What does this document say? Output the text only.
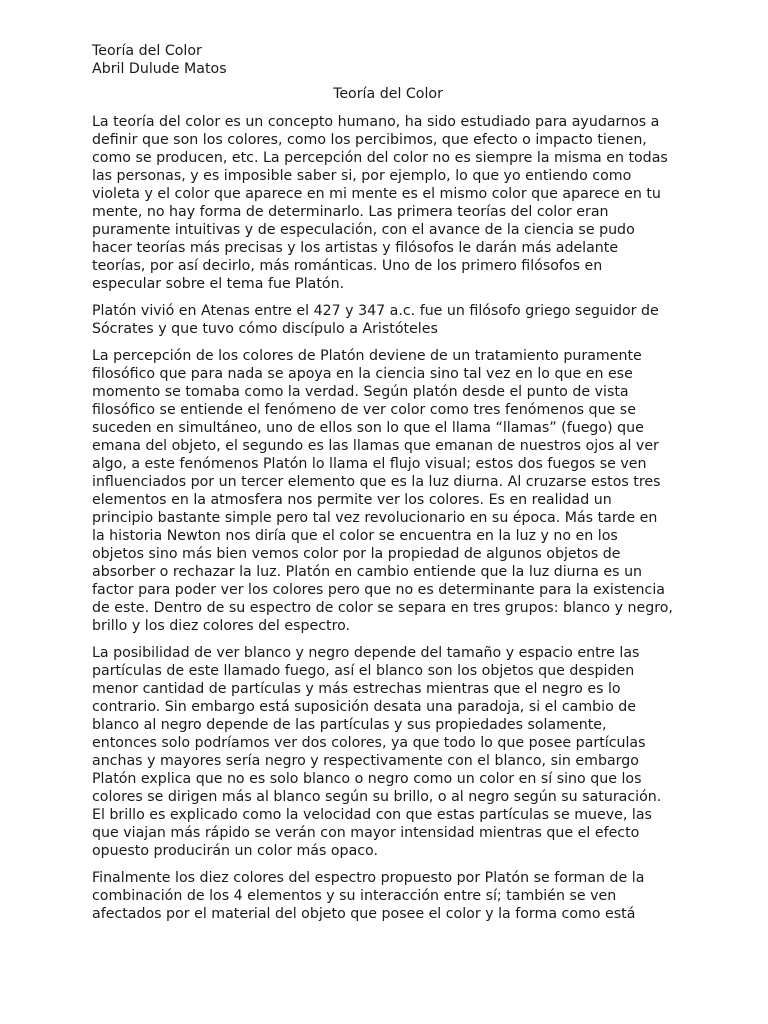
Teoría del Color
Abril Dulude Matos
Teoría del Color
La teoría del color es un concepto humano, ha sido estudiado para ayudarnos a
definir que son los colores, como los percibimos, que efecto o impacto tienen,
como se producen, etc. La percepción del color no es siempre la misma en todas
las personas, y es imposible saber si, por ejemplo, lo que yo entiendo como
violeta y el color que aparece en mi mente es el mismo color que aparece en tu
mente, no hay forma de determinarlo. Las primera teorías del color eran
puramente intuitivas y de especulación, con el avance de la ciencia se pudo
hacer teorías más precisas y los artistas y filósofos le darán más adelante
teorías, por así decirlo, más románticas. Uno de los primero filósofos en
especular sobre el tema fue Platón.
Platón vivió en Atenas entre el 427 y 347 a.c. fue un filósofo griego seguidor de
Sócrates y que tuvo cómo discípulo a Aristóteles
La percepción de los colores de Platón deviene de un tratamiento puramente
filosófico que para nada se apoya en la ciencia sino tal vez en lo que en ese
momento se tomaba como la verdad. Según platón desde el punto de vista
filosófico se entiende el fenómeno de ver color como tres fenómenos que se
suceden en simultáneo, uno de ellos son lo que el llama “llamas” (fuego) que
emana del objeto, el segundo es las llamas que emanan de nuestros ojos al ver
algo, a este fenómenos Platón lo llama el flujo visual; estos dos fuegos se ven
influenciados por un tercer elemento que es la luz diurna. Al cruzarse estos tres
elementos en la atmosfera nos permite ver los colores. Es en realidad un
principio bastante simple pero tal vez revolucionario en su época. Más tarde en
la historia Newton nos diría que el color se encuentra en la luz y no en los
objetos sino más bien vemos color por la propiedad de algunos objetos de
absorber o rechazar la luz. Platón en cambio entiende que la luz diurna es un
factor para poder ver los colores pero que no es determinante para la existencia
de este. Dentro de su espectro de color se separa en tres grupos: blanco y negro,
brillo y los diez colores del espectro.
La posibilidad de ver blanco y negro depende del tamaño y espacio entre las
partículas de este llamado fuego, así el blanco son los objetos que despiden
menor cantidad de partículas y más estrechas mientras que el negro es lo
contrario. Sin embargo está suposición desata una paradoja, si el cambio de
blanco al negro depende de las partículas y sus propiedades solamente,
entonces solo podríamos ver dos colores, ya que todo lo que posee partículas
anchas y mayores sería negro y respectivamente con el blanco, sin embargo
Platón explica que no es solo blanco o negro como un color en sí sino que los
colores se dirigen más al blanco según su brillo, o al negro según su saturación.
El brillo es explicado como la velocidad con que estas partículas se mueve, las
que viajan más rápido se verán con mayor intensidad mientras que el efecto
opuesto producirán un color más opaco.
Finalmente los diez colores del espectro propuesto por Platón se forman de la
combinación de los 4 elementos y su interacción entre sí; también se ven
afectados por el material del objeto que posee el color y la forma como está
